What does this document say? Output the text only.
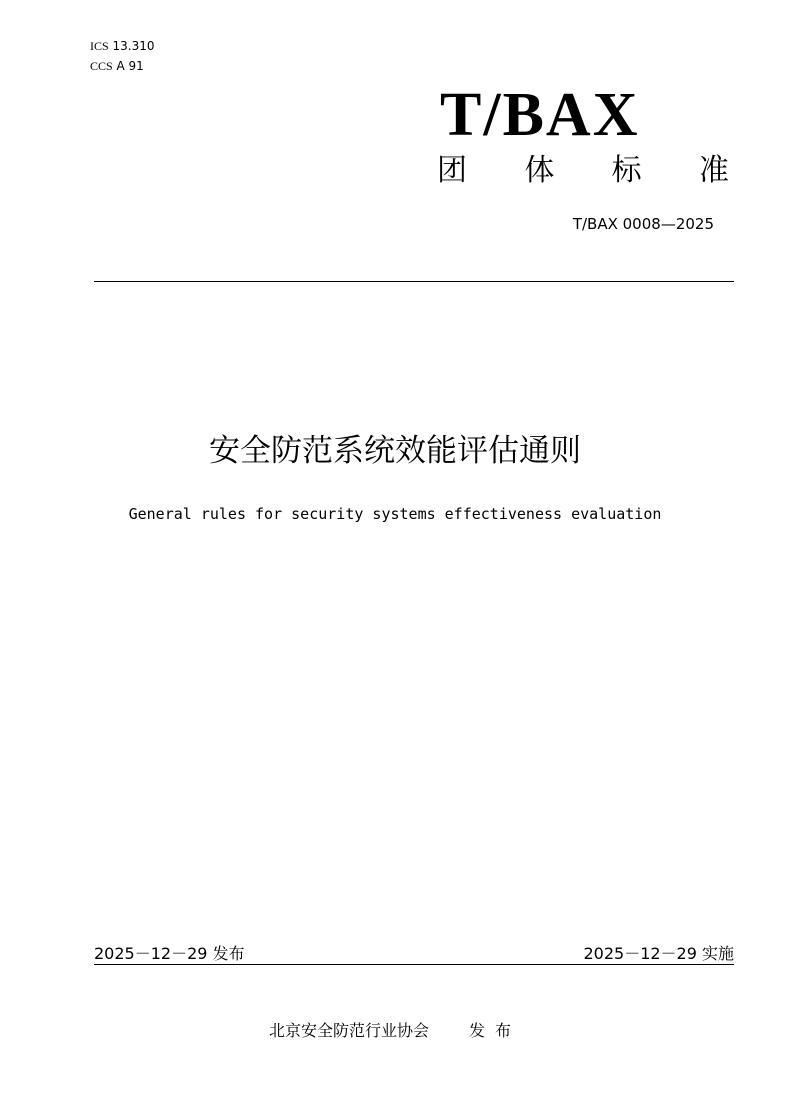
ICS 13.310
CCS A 91
T/BAX
团 体 标 准
T/BAX 0008—2025
安全防范系统效能评估通则
General rules for security systems effectiveness evaluation
2025－12－29 发布	2025－12－29 实施
北京安全防范行业协会	发布
